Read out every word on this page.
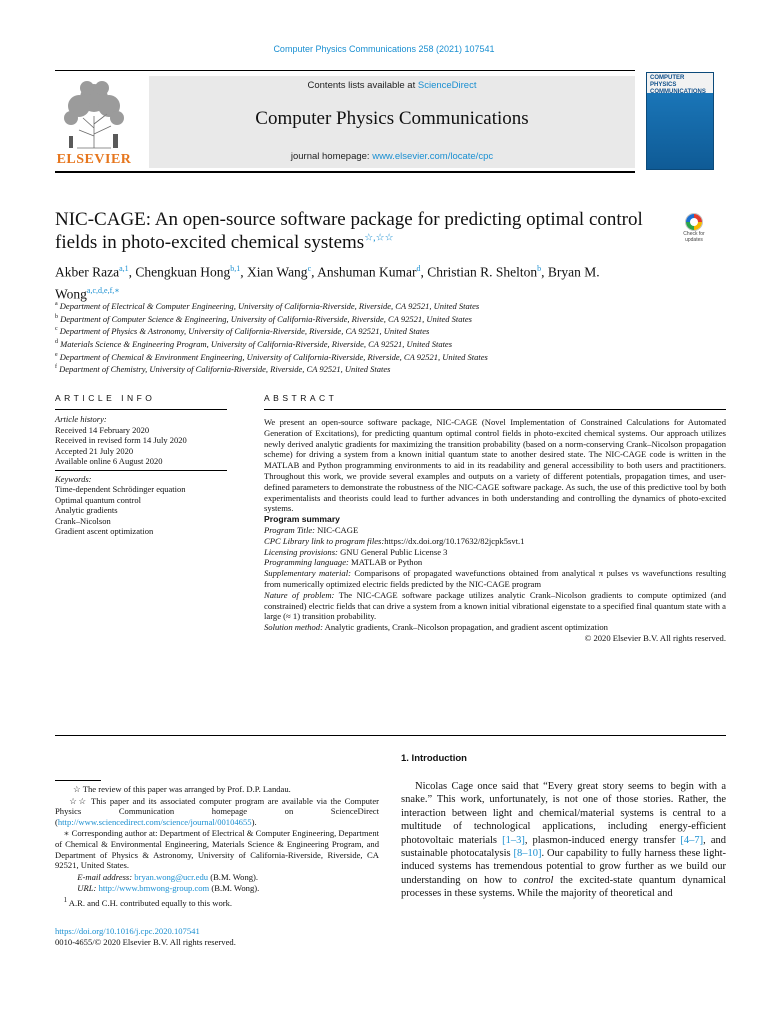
Computer Physics Communications 258 (2021) 107541
ELSEVIER
Contents lists available at ScienceDirect
Computer Physics Communications
journal homepage: www.elsevier.com/locate/cpc
COMPUTER PHYSICS COMMUNICATIONS
NIC-CAGE: An open-source software package for predicting optimal control fields in photo-excited chemical systems☆,☆☆	Check for updates
Akber Raza$^{a,1}$, Chengkuan Hong$^{b,1}$, Xian Wang$^c$, Anshuman Kumar$^d$, Christian R. Shelton$^b$, Bryan M. Wong$^{a,c,d,e,f,∗}$
$^a$ Department of Electrical & Computer Engineering, University of California-Riverside, Riverside, CA 92521, United States
$^b$ Department of Computer Science & Engineering, University of California-Riverside, Riverside, CA 92521, United States
$^c$ Department of Physics & Astronomy, University of California-Riverside, Riverside, CA 92521, United States
$^d$ Materials Science & Engineering Program, University of California-Riverside, Riverside, CA 92521, United States
$^e$ Department of Chemical & Environment Engineering, University of California-Riverside, Riverside, CA 92521, United States
$^f$ Department of Chemistry, University of California-Riverside, Riverside, CA 92521, United States
ARTICLE INFO	ABSTRACT
Article history:
Received 14 February 2020
Received in revised form 14 July 2020
Accepted 21 July 2020
Available online 6 August 2020
Keywords:
Time-dependent Schrödinger equation
Optimal quantum control
Analytic gradients
Crank–Nicolson
Gradient ascent optimization

We present an open-source software package, NIC-CAGE (Novel Implementation of Constrained Calculations for Automated Generation of Excitations), for predicting quantum optimal control fields in photo-excited chemical systems. Our approach utilizes newly derived analytic gradients for maximizing the transition probability (based on a norm-conserving Crank–Nicolson propagation scheme) for driving a system from a known initial quantum state to another desired state. The NIC-CAGE code is written in the MATLAB and Python programming environments to aid in its readability and general accessibility to both users and practitioners. Throughout this work, we provide several examples and outputs on a variety of different potentials, propagation times, and user-defined parameters to demonstrate the robustness of the NIC-CAGE software package. As such, the use of this predictive tool by both experimentalists and theorists could lead to further advances in both understanding and controlling the dynamics of photo-excited systems.

Program summary
Program Title: NIC-CAGE
CPC Library link to program files:https://dx.doi.org/10.17632/82jcpk5svt.1
Licensing provisions: GNU General Public License 3
Programming language: MATLAB or Python
Supplementary material: Comparisons of propagated wavefunctions obtained from analytical π pulses vs wavefunctions resulting from numerically optimized electric fields predicted by the NIC-CAGE program
Nature of problem: The NIC-CAGE software package utilizes analytic Crank–Nicolson gradients to compute optimized (and constrained) electric fields that can drive a system from a known initial vibrational eigenstate to a specified final quantum state with a large (≈ 1) transition probability.
Solution method: Analytic gradients, Crank–Nicolson propagation, and gradient ascent optimization
© 2020 Elsevier B.V. All rights reserved.

☆ The review of this paper was arranged by Prof. D.P. Landau.

☆☆ This paper and its associated computer program are available via the Computer Physics Communication homepage on ScienceDirect (http://www.sciencedirect.com/science/journal/00104655).

∗ Corresponding author at: Department of Electrical & Computer Engineering, Department of Chemical & Environmental Engineering, Materials Science & Engineering Program, and Department of Physics & Astronomy, University of California-Riverside, Riverside, CA 92521, United States.

E-mail address: bryan.wong@ucr.edu (B.M. Wong).

URL: http://www.bmwong-group.com (B.M. Wong).

$^1$ A.R. and C.H. contributed equally to this work.

https://doi.org/10.1016/j.cpc.2020.107541
0010-4655/© 2020 Elsevier B.V. All rights reserved.
1. Introduction
Nicolas Cage once said that “Every great story seems to begin with a snake.” This work, unfortunately, is not one of those stories. Rather, the interaction between light and chemical/material systems is central to a multitude of technological applications, including energy-efficient photovoltaic materials [1–3], plasmon-induced energy transfer [4–7], and sustainable photocatalysis [8–10]. Our capability to fully harness these light-induced systems has tremendous potential to grow further as we build our understanding on how to control the excited-state quantum dynamical processes in these systems. While the majority of theoretical and
